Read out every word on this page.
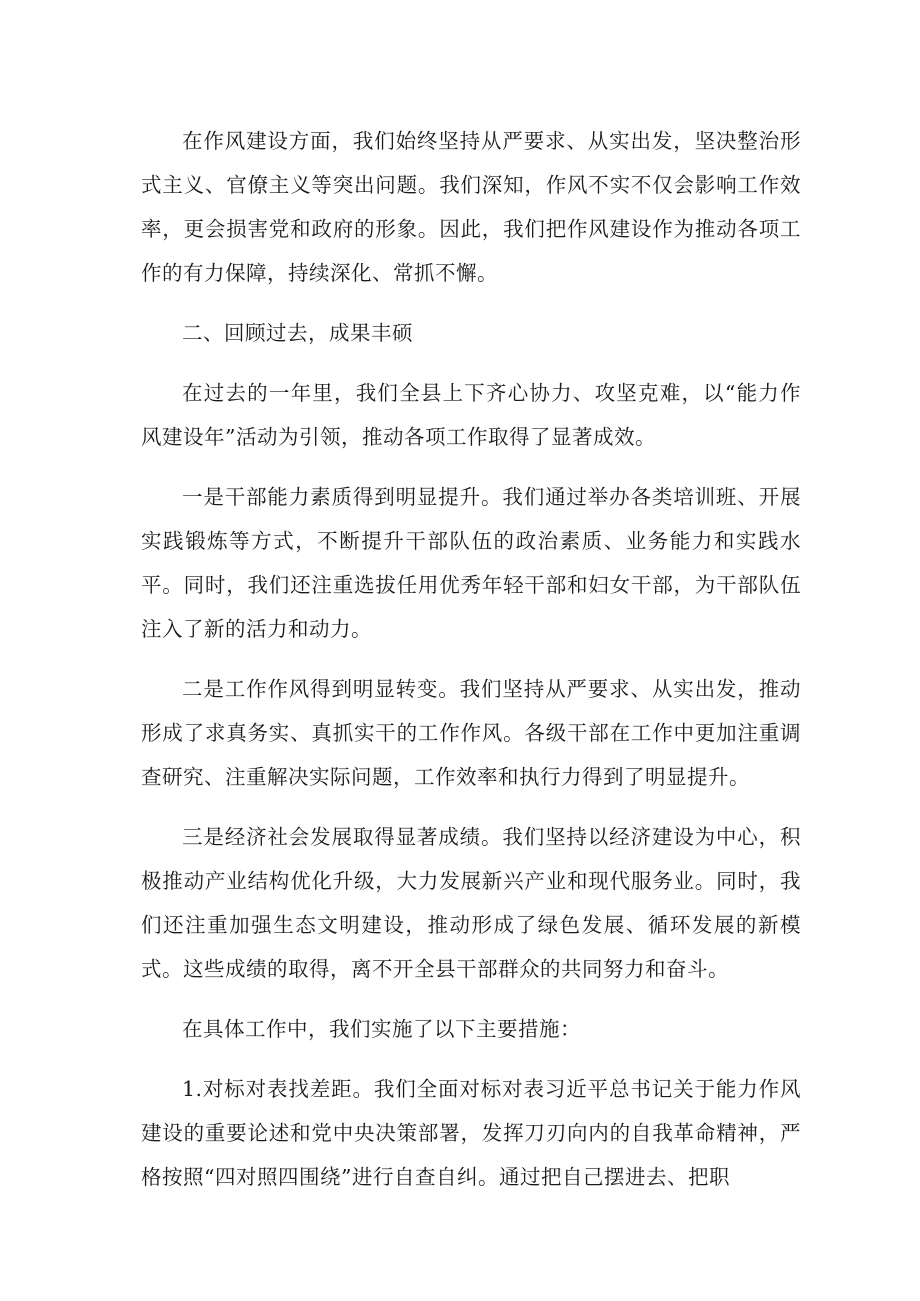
在作风建设方面，我们始终坚持从严要求、从实出发，坚决整治形式主义、官僚主义等突出问题。我们深知，作风不实不仅会影响工作效率，更会损害党和政府的形象。因此，我们把作风建设作为推动各项工作的有力保障，持续深化、常抓不懈。

二、回顾过去，成果丰硕

在过去的一年里，我们全县上下齐心协力、攻坚克难，以“能力作风建设年”活动为引领，推动各项工作取得了显著成效。

一是干部能力素质得到明显提升。我们通过举办各类培训班、开展实践锻炼等方式，不断提升干部队伍的政治素质、业务能力和实践水平。同时，我们还注重选拔任用优秀年轻干部和妇女干部，为干部队伍注入了新的活力和动力。

二是工作作风得到明显转变。我们坚持从严要求、从实出发，推动形成了求真务实、真抓实干的工作作风。各级干部在工作中更加注重调查研究、注重解决实际问题，工作效率和执行力得到了明显提升。

三是经济社会发展取得显著成绩。我们坚持以经济建设为中心，积极推动产业结构优化升级，大力发展新兴产业和现代服务业。同时，我们还注重加强生态文明建设，推动形成了绿色发展、循环发展的新模式。这些成绩的取得，离不开全县干部群众的共同努力和奋斗。

在具体工作中，我们实施了以下主要措施：

1.对标对表找差距。我们全面对标对表习近平总书记关于能力作风建设的重要论述和党中央决策部署，发挥刀刃向内的自我革命精神，严格按照“四对照四围绕”进行自查自纠。通过把自己摆进去、把职
